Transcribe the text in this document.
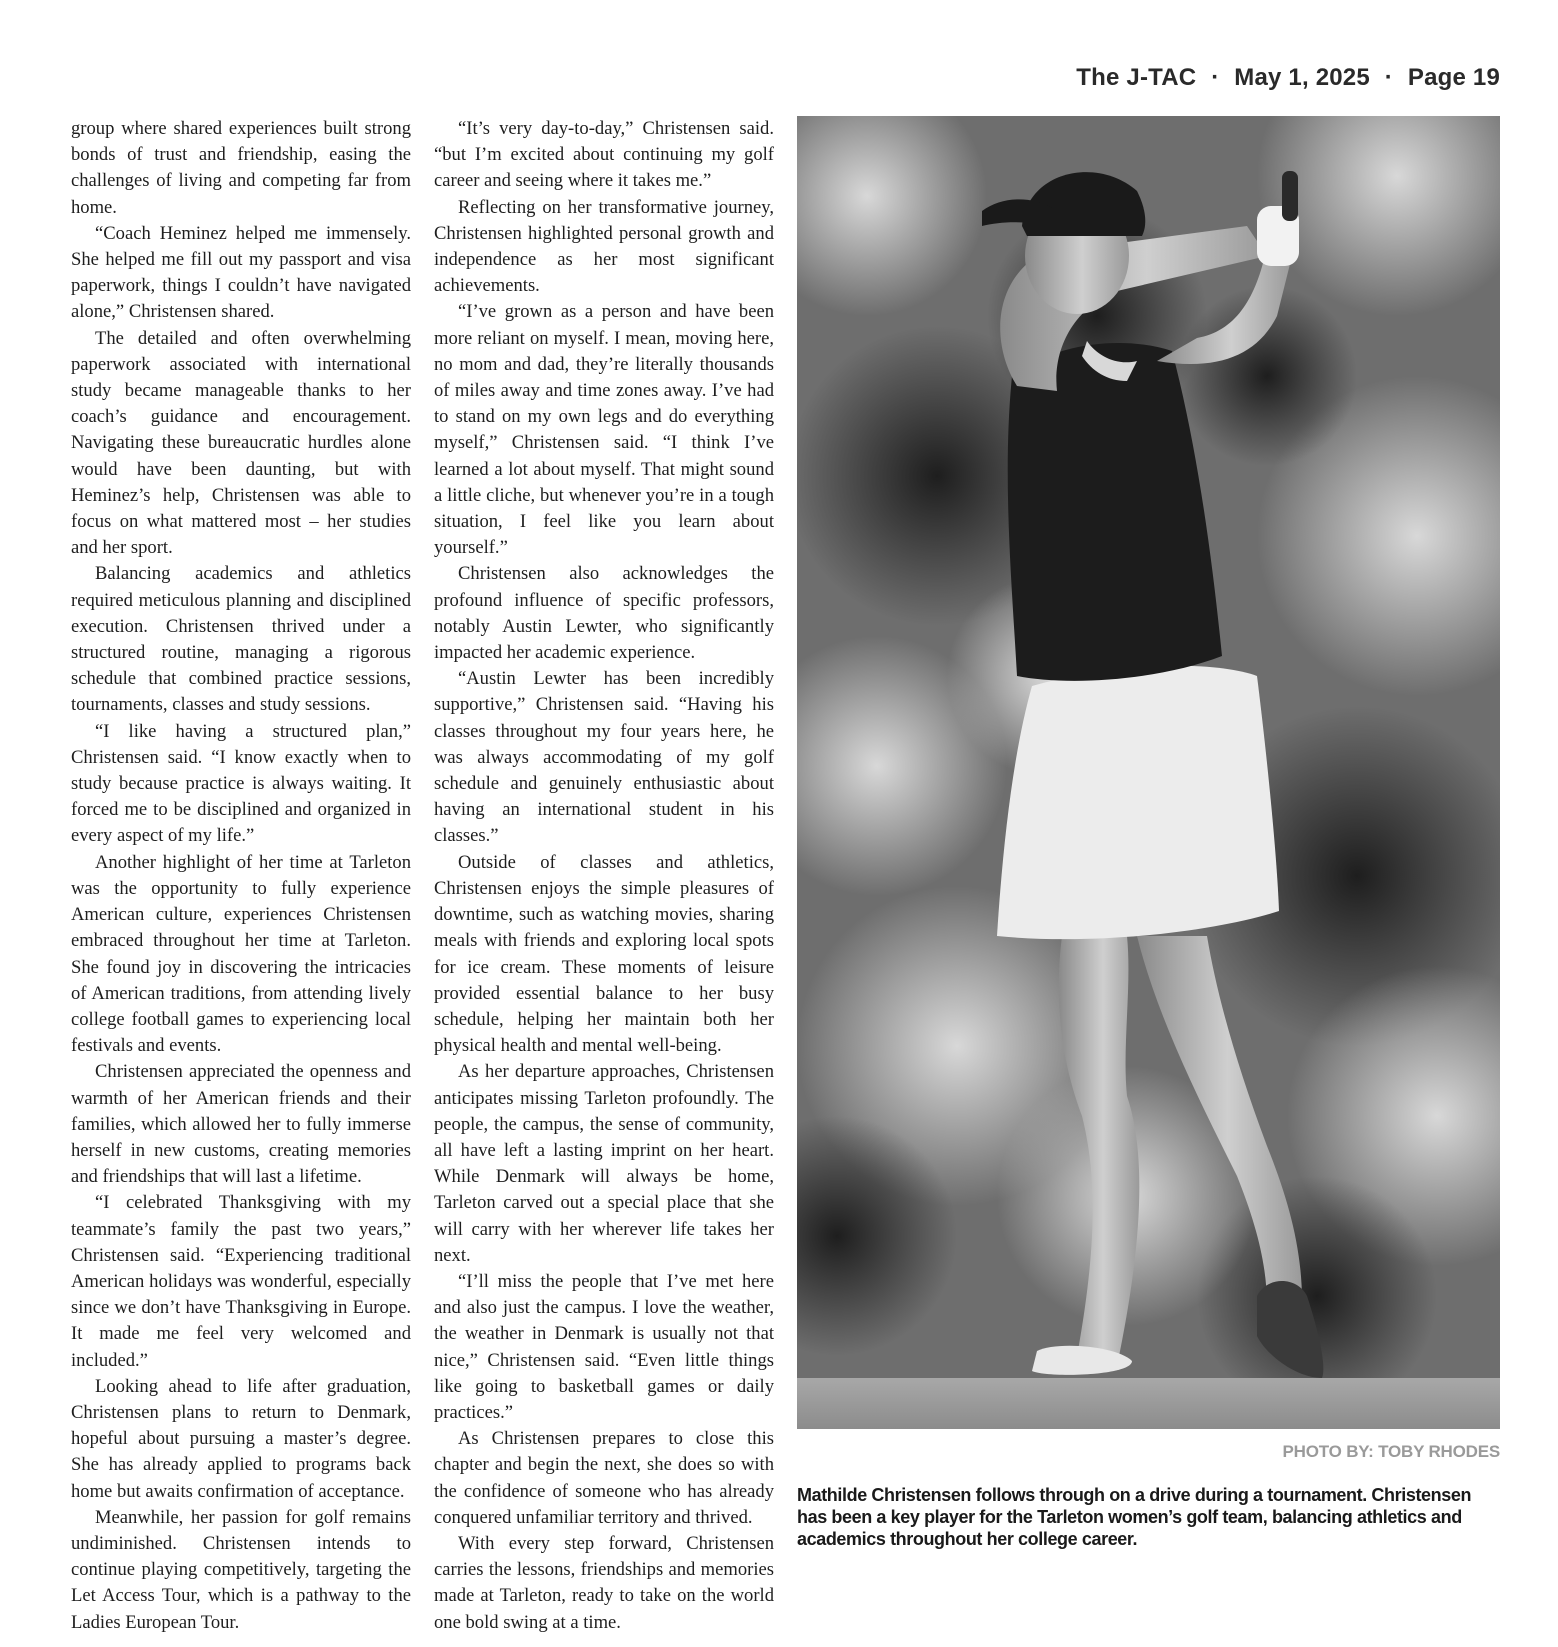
The J-TAC · May 1, 2025 · Page 19

group where shared experiences built strong bonds of trust and friendship, easing the challenges of living and competing far from home.

“Coach Heminez helped me immensely. She helped me fill out my passport and visa paperwork, things I couldn’t have navigated alone,” Christensen shared.

The detailed and often overwhelming paperwork associated with international study became manageable thanks to her coach’s guidance and encouragement. Navigating these bureaucratic hurdles alone would have been daunting, but with Heminez’s help, Christensen was able to focus on what mattered most – her studies and her sport.

Balancing academics and athletics required meticulous planning and disciplined execution. Christensen thrived under a structured routine, managing a rigorous schedule that combined practice sessions, tournaments, classes and study sessions.

“I like having a structured plan,” Christensen said. “I know exactly when to study because practice is always waiting. It forced me to be disciplined and organized in every aspect of my life.”

Another highlight of her time at Tarleton was the opportunity to fully experience American culture, experiences Christensen embraced throughout her time at Tarleton. She found joy in discovering the intricacies of American traditions, from attending lively college football games to experiencing local festivals and events.

Christensen appreciated the openness and warmth of her American friends and their families, which allowed her to fully immerse herself in new customs, creating memories and friendships that will last a lifetime.

“I celebrated Thanksgiving with my teammate’s family the past two years,” Christensen said. “Experiencing traditional American holidays was wonderful, especially since we don’t have Thanksgiving in Europe. It made me feel very welcomed and included.”

Looking ahead to life after graduation, Christensen plans to return to Denmark, hopeful about pursuing a master’s degree. She has already applied to programs back home but awaits confirmation of acceptance.

Meanwhile, her passion for golf remains undiminished. Christensen intends to continue playing competitively, targeting the Let Access Tour, which is a pathway to the Ladies European Tour.

“It’s very day-to-day,” Christensen said. “but I’m excited about continuing my golf career and seeing where it takes me.”

Reflecting on her transformative journey, Christensen highlighted personal growth and independence as her most significant achievements.

“I’ve grown as a person and have been more reliant on myself. I mean, moving here, no mom and dad, they’re literally thousands of miles away and time zones away. I’ve had to stand on my own legs and do everything myself,” Christensen said. “I think I’ve learned a lot about myself. That might sound a little cliche, but whenever you’re in a tough situation, I feel like you learn about yourself.”

Christensen also acknowledges the profound influence of specific professors, notably Austin Lewter, who significantly impacted her academic experience.

“Austin Lewter has been incredibly supportive,” Christensen said. “Having his classes throughout my four years here, he was always accommodating of my golf schedule and genuinely enthusiastic about having an international student in his classes.”

Outside of classes and athletics, Christensen enjoys the simple pleasures of downtime, such as watching movies, sharing meals with friends and exploring local spots for ice cream. These moments of leisure provided essential balance to her busy schedule, helping her maintain both her physical health and mental well-being.

As her departure approaches, Christensen anticipates missing Tarleton profoundly. The people, the campus, the sense of community, all have left a lasting imprint on her heart. While Denmark will always be home, Tarleton carved out a special place that she will carry with her wherever life takes her next.

“I’ll miss the people that I’ve met here and also just the campus. I love the weather, the weather in Denmark is usually not that nice,” Christensen said. “Even little things like going to basketball games or daily practices.”

As Christensen prepares to close this chapter and begin the next, she does so with the confidence of someone who has already conquered unfamiliar territory and thrived.

With every step forward, Christensen carries the lessons, friendships and memories made at Tarleton, ready to take on the world one bold swing at a time.

PHOTO BY: TOBY RHODES
Mathilde Christensen follows through on a drive during a tournament. Christensen has been a key player for the Tarleton women’s golf team, balancing athletics and academics throughout her college career.
